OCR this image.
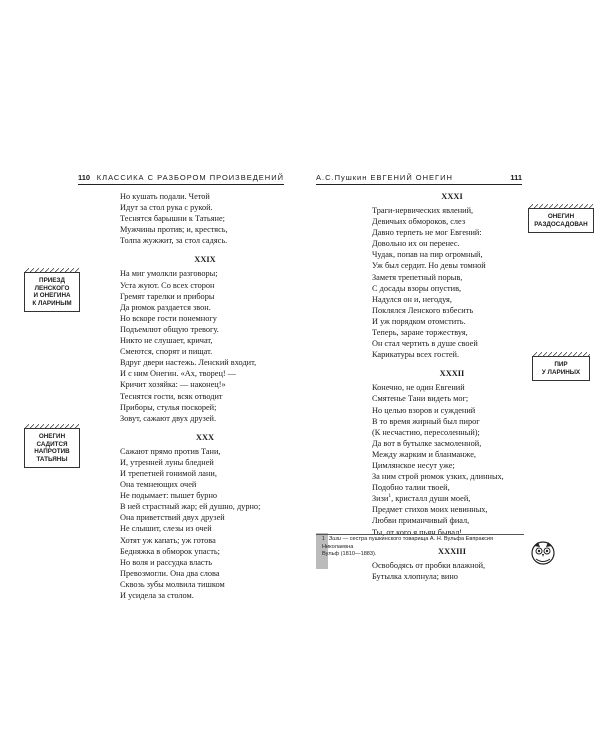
110 КЛАССИКА С РАЗБОРОМ ПРОИЗВЕДЕНИЙ	А.С.Пушкин ЕВГЕНИЙ ОНЕГИН	111
Но кушать подали. Четой
Идут за стол рука с рукой.
Теснятся барышни к Татьяне;
Мужчины против; и, крестясь,
Толпа жужжит, за стол садясь.
XXIX
На миг умолкли разговоры;
Уста жуют. Со всех сторон
Гремят тарелки и приборы
Да рюмок раздается звон.
Но вскоре гости понемногу
Подъемлют общую тревогу.
Никто не слушает, кричат,
Смеются, спорят и пищат.
Вдруг двери настежь. Ленский входит,
И с ним Онегин. «Ах, творец! —
Кричит хозяйка: — наконец!»
Теснятся гости, всяк отводит
Приборы, стулья поскорей;
Зовут, сажают двух друзей.
XXX
Сажают прямо против Тани,
И, утренней луны бледней
И трепетней гонимой лани,
Она темнеющих очей
Не подымает: пышет бурно
В ней страстный жар; ей душно, дурно;
Она приветствий двух друзей
Не слышит, слезы из очей
Хотят уж капать; уж готова
Бедняжка в обморок упасть;
Но воля и рассудка власть
Превозмогли. Она два слова
Сквозь зубы молвила тишком
И усидела за столом.
XXXI
Траги-нервических явлений,
Девичьих обмороков, слез
Давно терпеть не мог Евгений:
Довольно их он перенес.
Чудак, попав на пир огромный,
Уж был сердит. Но девы томной
Заметя трепетный порыв,
С досады взоры опустив,
Надулся он и, негодуя,
Поклялся Ленского взбесить
И уж порядком отомстить.
Теперь, заране торжествуя,
Он стал чертить в душе своей
Карикатуры всех гостей.
XXXII
Конечно, не один Евгений
Смятенье Тани видеть мог;
Но целью взоров и суждений
В то время жирный был пирог
(К несчастию, пересоленный);
Да вот в бутылке засмоленной,
Между жарким и бланманже,
Цимлянское несут уже;
За ним строй рюмок узких, длинных,
Подобно талии твоей,
Зизи$^1$, кристалл души моей,
Предмет стихов моих невинных,
Любви приманчивый фиал,
Ты, от кого я пьян бывал!
XXXIII
Освободясь от пробки влажной,
Бутылка хлопнула; вино
ПРИЕЗД
ЛЕНСКОГО
И ОНЕГИНА
К ЛАРИНЫМ
ОНЕГИН
САДИТСЯ
НАПРОТИВ
ТАТЬЯНЫ
ОНЕГИН
РАЗДОСАДОВАН
ПИР
У ЛАРИНЫХ
1 Зизи — сестра пушкинского товарища А. Н. Вульфа Евпраксия Николаевна
Вульф (1810—1883).
